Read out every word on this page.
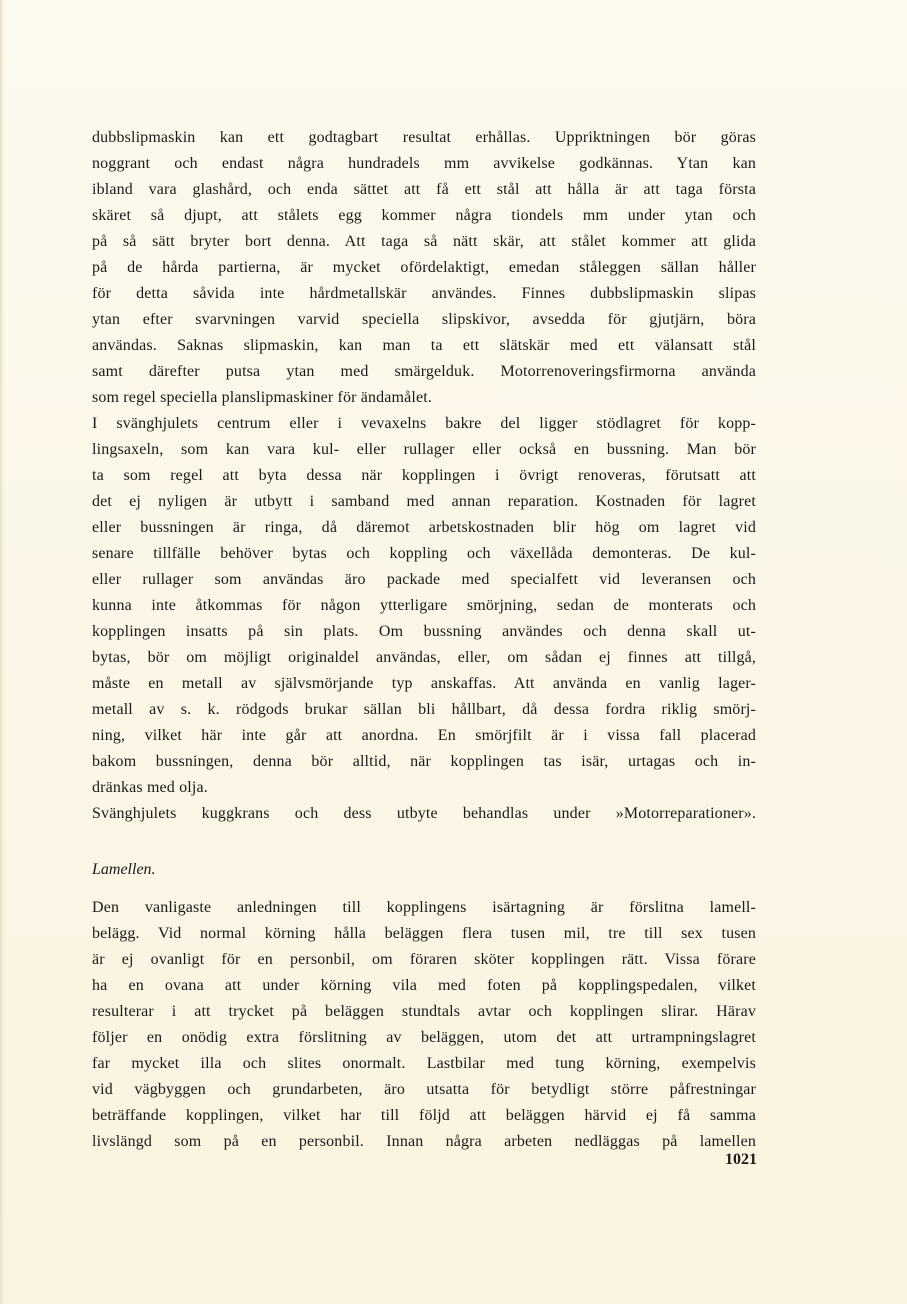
dubbslipmaskin kan ett godtagbart resultat erhållas. Uppriktningen bör göras
noggrant och endast några hundradels mm avvikelse godkännas. Ytan kan
ibland vara glashård, och enda sättet att få ett stål att hålla är att taga första
skäret så djupt, att stålets egg kommer några tiondels mm under ytan och
på så sätt bryter bort denna. Att taga så nätt skär, att stålet kommer att glida
på de hårda partierna, är mycket ofördelaktigt, emedan ståleggen sällan håller
för detta såvida inte hårdmetallskär användes. Finnes dubbslipmaskin slipas
ytan efter svarvningen varvid speciella slipskivor, avsedda för gjutjärn, böra
användas. Saknas slipmaskin, kan man ta ett slätskär med ett välansatt stål
samt därefter putsa ytan med smärgelduk. Motorrenoveringsfirmorna använda
som regel speciella planslipmaskiner för ändamålet.
I svänghjulets centrum eller i vevaxelns bakre del ligger stödlagret för kopp-
lingsaxeln, som kan vara kul- eller rullager eller också en bussning. Man bör
ta som regel att byta dessa när kopplingen i övrigt renoveras, förutsatt att
det ej nyligen är utbytt i samband med annan reparation. Kostnaden för lagret
eller bussningen är ringa, då däremot arbetskostnaden blir hög om lagret vid
senare tillfälle behöver bytas och koppling och växellåda demonteras. De kul-
eller rullager som användas äro packade med specialfett vid leveransen och
kunna inte åtkommas för någon ytterligare smörjning, sedan de monterats och
kopplingen insatts på sin plats. Om bussning användes och denna skall ut-
bytas, bör om möjligt originaldel användas, eller, om sådan ej finnes att tillgå,
måste en metall av självsmörjande typ anskaffas. Att använda en vanlig lager-
metall av s. k. rödgods brukar sällan bli hållbart, då dessa fordra riklig smörj-
ning, vilket här inte går att anordna. En smörjfilt är i vissa fall placerad
bakom bussningen, denna bör alltid, när kopplingen tas isär, urtagas och in-
dränkas med olja.
Svänghjulets kuggkrans och dess utbyte behandlas under »Motorreparationer».
Lamellen.
Den vanligaste anledningen till kopplingens isärtagning är förslitna lamell-
belägg. Vid normal körning hålla beläggen flera tusen mil, tre till sex tusen
är ej ovanligt för en personbil, om föraren sköter kopplingen rätt. Vissa förare
ha en ovana att under körning vila med foten på kopplingspedalen, vilket
resulterar i att trycket på beläggen stundtals avtar och kopplingen slirar. Härav
följer en onödig extra förslitning av beläggen, utom det att urtrampningslagret
far mycket illa och slites onormalt. Lastbilar med tung körning, exempelvis
vid vägbyggen och grundarbeten, äro utsatta för betydligt större påfrestningar
beträffande kopplingen, vilket har till följd att beläggen härvid ej få samma
livslängd som på en personbil. Innan några arbeten nedläggas på lamellen
1021
